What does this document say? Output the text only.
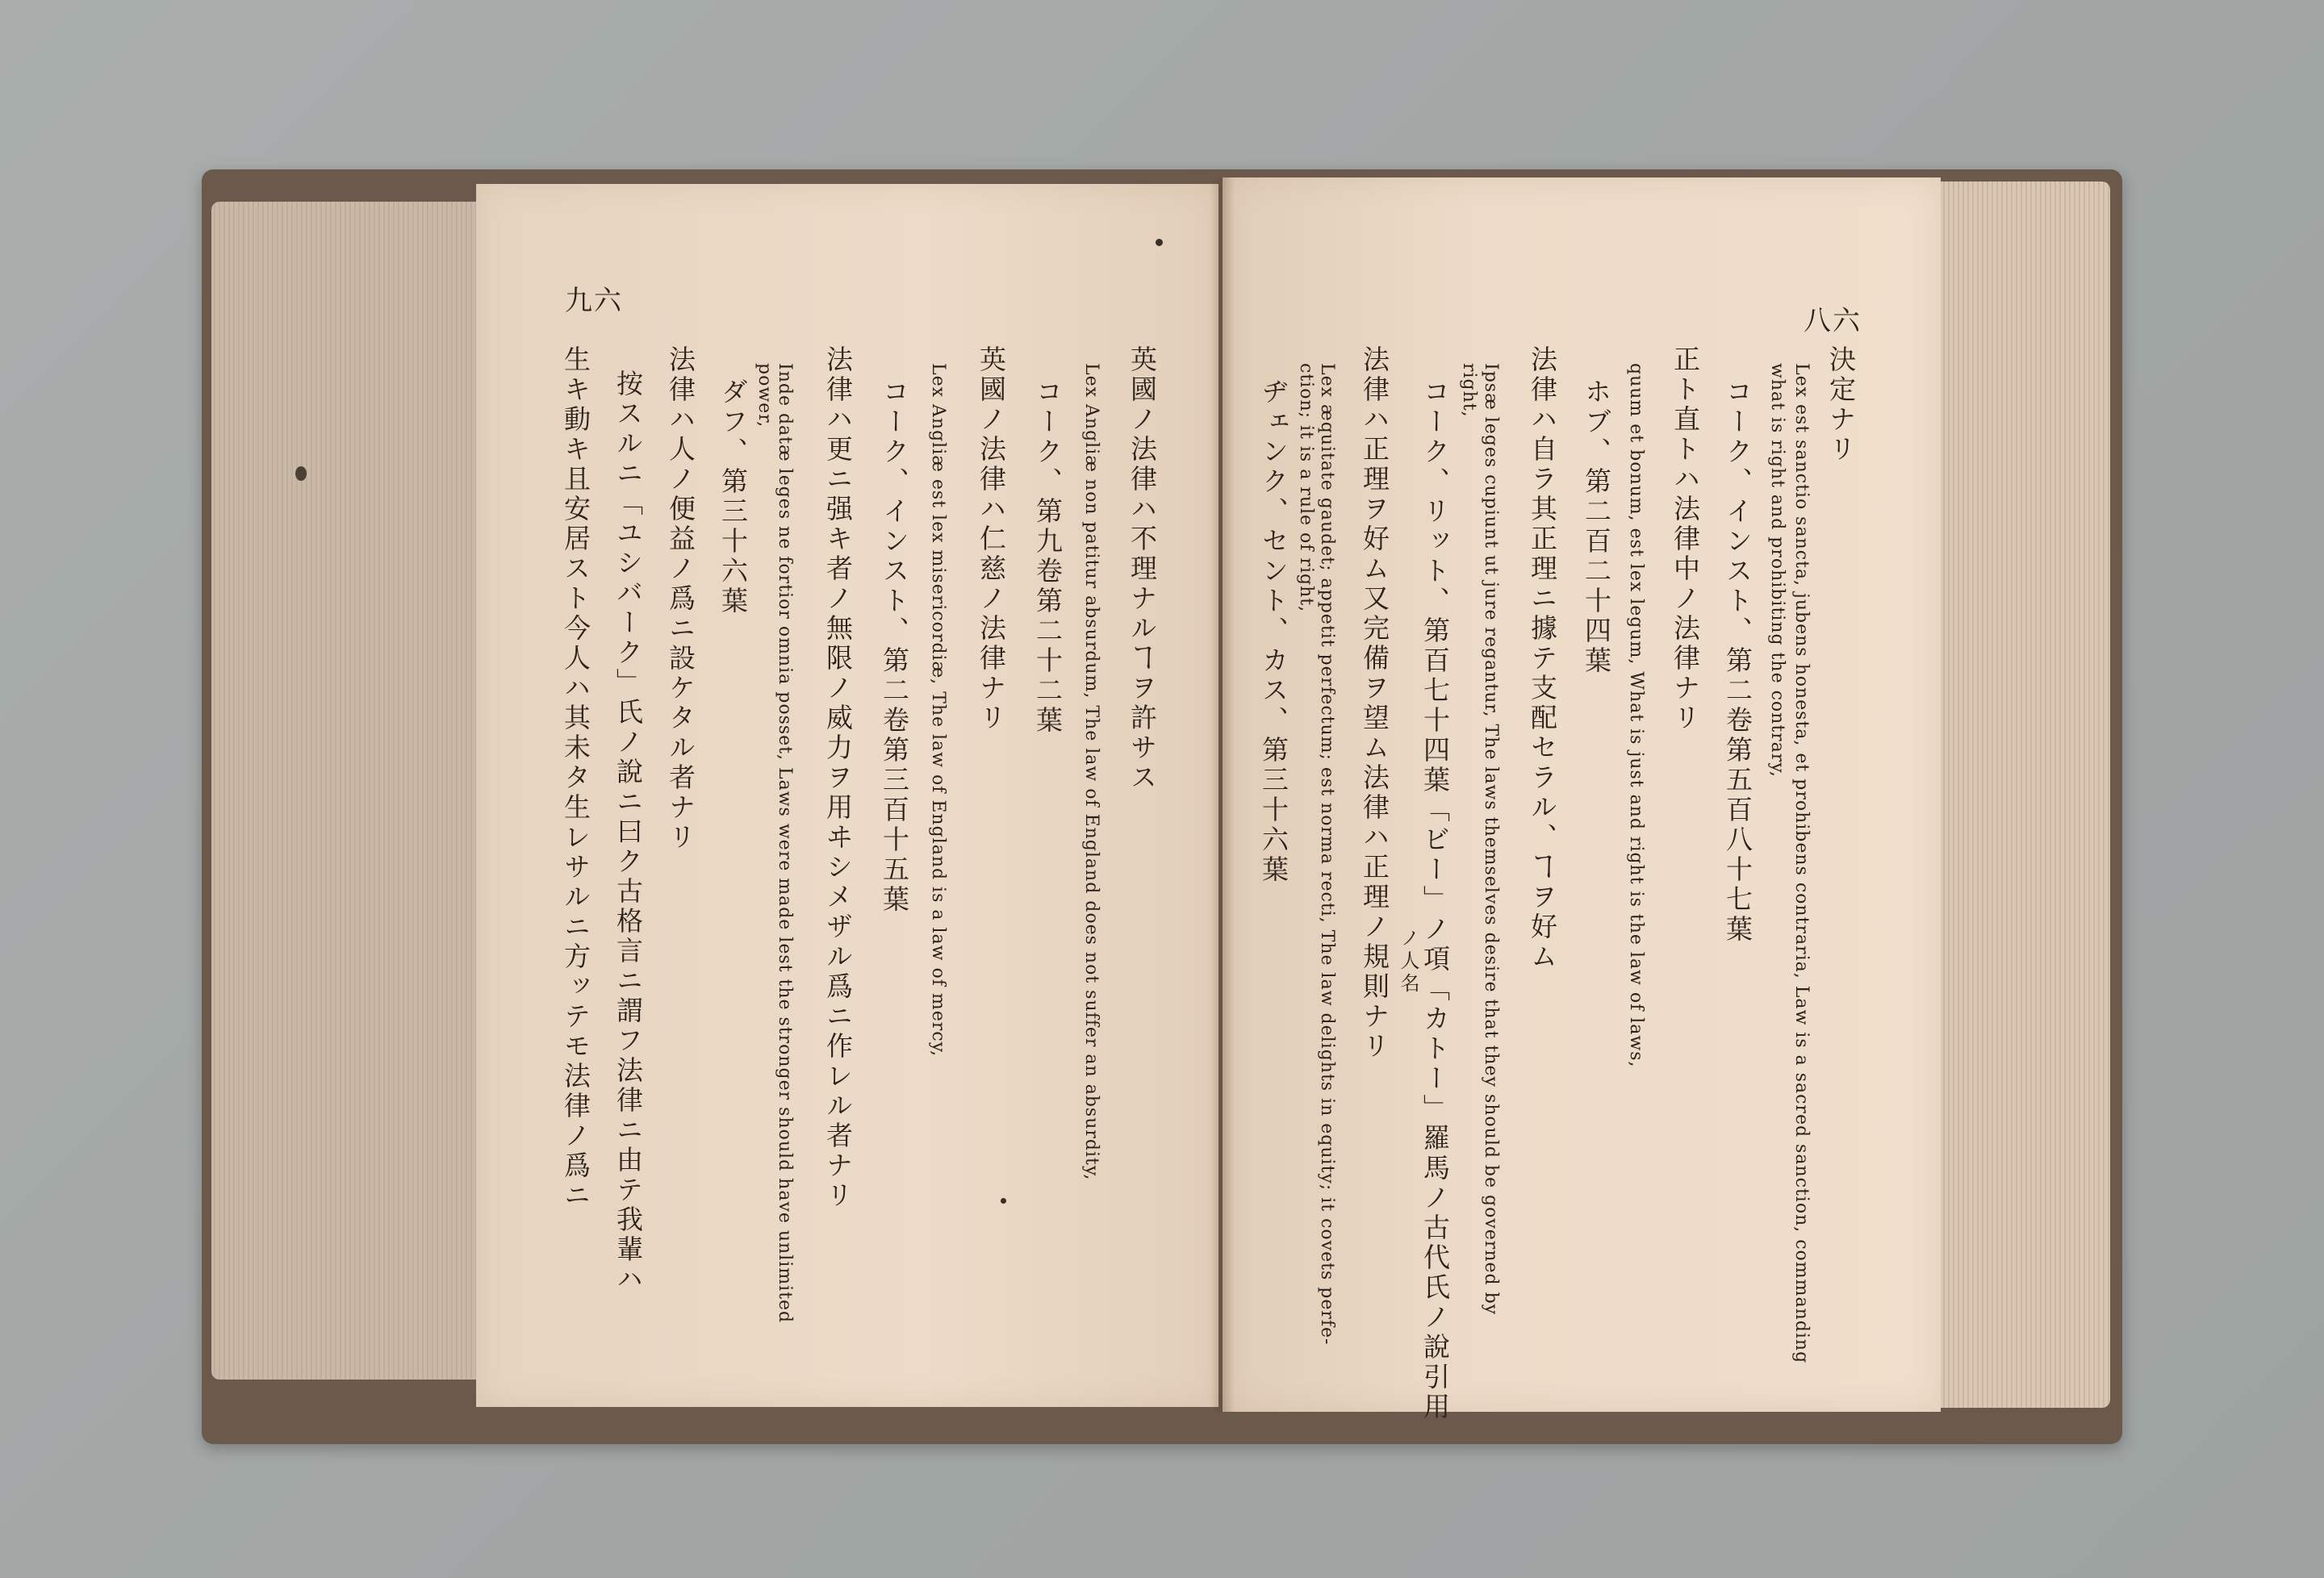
九六
英國ノ法律ハ不理ナルヿヲ許サス
Lex Angliæ non patitur absurdum, The law of England does not suffer an absurdity,
コーク、第九卷第二十二葉
英國ノ法律ハ仁慈ノ法律ナリ
Lex Angliæ est lex misericordiæ, The law of England is a law of mercy,
コーク、インスト、第二卷第三百十五葉
法律ハ更ニ强キ者ノ無限ノ威力ヲ用ヰシメザル爲ニ作レル者ナリ
Inde datæ leges ne fortior omnia posset, Laws were made lest the stronger should have unlimited
power,
ダフ、第三十六葉
法律ハ人ノ便益ノ爲ニ設ケタル者ナリ
按スルニ「ユシバーク」氏ノ說ニ曰ク古格言ニ謂フ法律ニ由テ我輩ハ
生キ動キ且安居スト今人ハ其未タ生レサルニ方ッテモ法律ノ爲ニ
八六
決定ナリ
Lex est sanctio sancta, jubens honesta, et prohibens contraria, Law is a sacred sanction, commanding
what is right and prohibiting the contrary,
コーク、インスト、第二卷第五百八十七葉
正ト直トハ法律中ノ法律ナリ
quum et bonum, est lex legum, What is just and right is the law of laws,
ホブ、第二百二十四葉
法律ハ自ラ其正理ニ據テ支配セラル、ヿヲ好ム
Ipsæ leges cupiunt ut jure regantur, The laws themselves desire that they should be governed by
right,
コーク、リット、第百七十四葉「ビー」ノ項「カトー」羅馬ノ古代氏ノ說引用
ノ人名
法律ハ正理ヲ好ム又完備ヲ望ム法律ハ正理ノ規則ナリ
Lex æquitate gaudet; appetit perfectum; est norma recti, The law delights in equity; it covets perfe-
ction; it is a rule of right,
ヂェンク、セント、カス、第三十六葉
